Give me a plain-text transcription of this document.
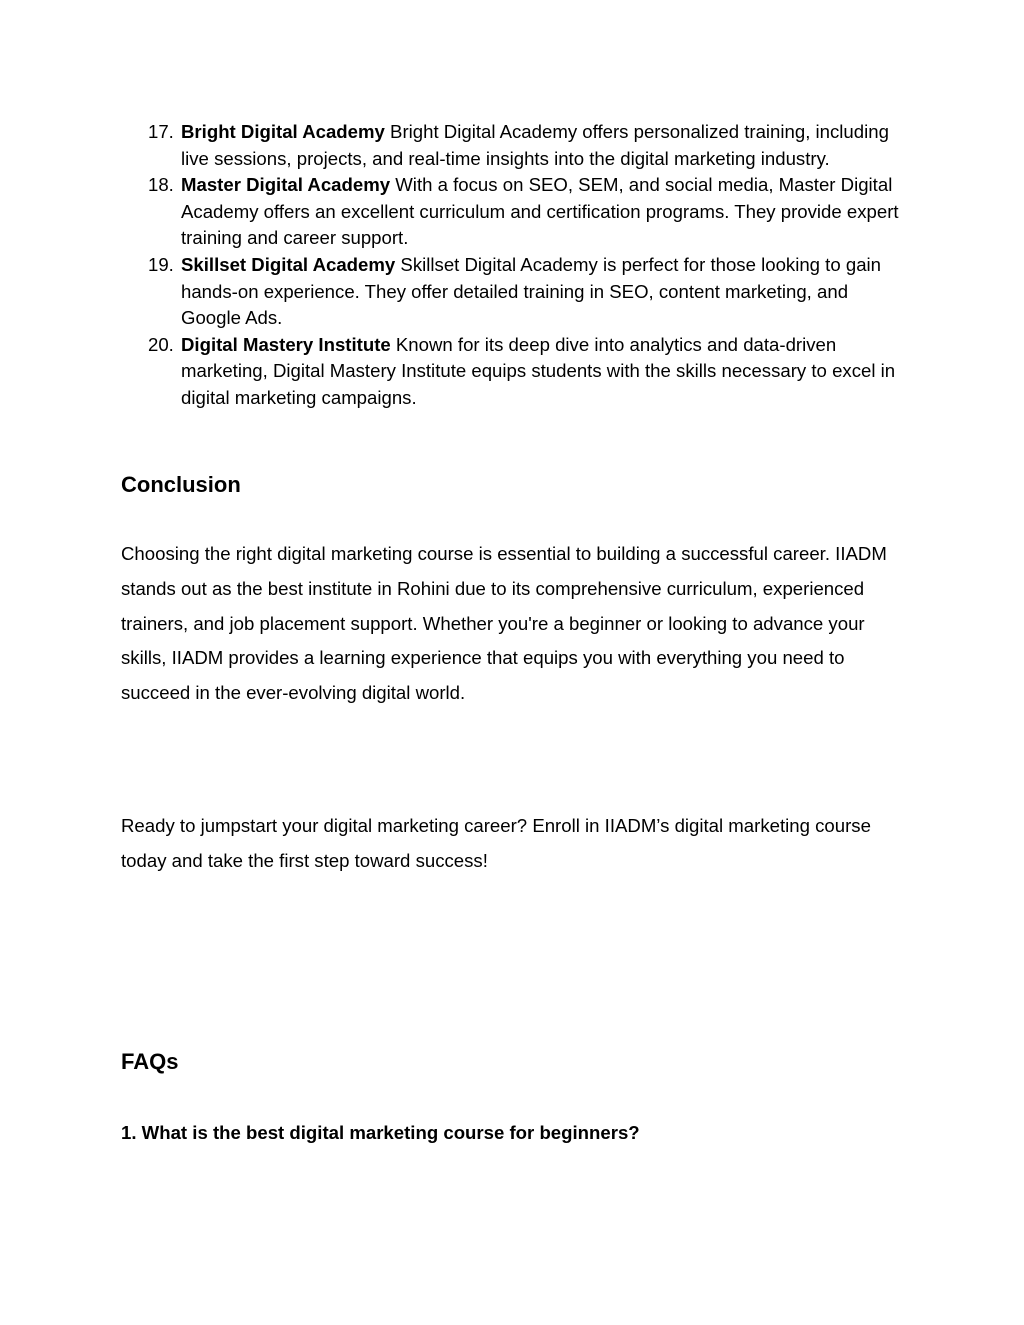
17. Bright Digital Academy Bright Digital Academy offers personalized training, including live sessions, projects, and real-time insights into the digital marketing industry.
18. Master Digital Academy With a focus on SEO, SEM, and social media, Master Digital Academy offers an excellent curriculum and certification programs. They provide expert training and career support.
19. Skillset Digital Academy Skillset Digital Academy is perfect for those looking to gain hands-on experience. They offer detailed training in SEO, content marketing, and Google Ads.
20. Digital Mastery Institute Known for its deep dive into analytics and data-driven marketing, Digital Mastery Institute equips students with the skills necessary to excel in digital marketing campaigns.
Conclusion

Choosing the right digital marketing course is essential to building a successful career. IIADM stands out as the best institute in Rohini due to its comprehensive curriculum, experienced trainers, and job placement support. Whether you're a beginner or looking to advance your skills, IIADM provides a learning experience that equips you with everything you need to succeed in the ever-evolving digital world.

Ready to jumpstart your digital marketing career? Enroll in IIADM’s digital marketing course today and take the first step toward success!

FAQs

1. What is the best digital marketing course for beginners?
